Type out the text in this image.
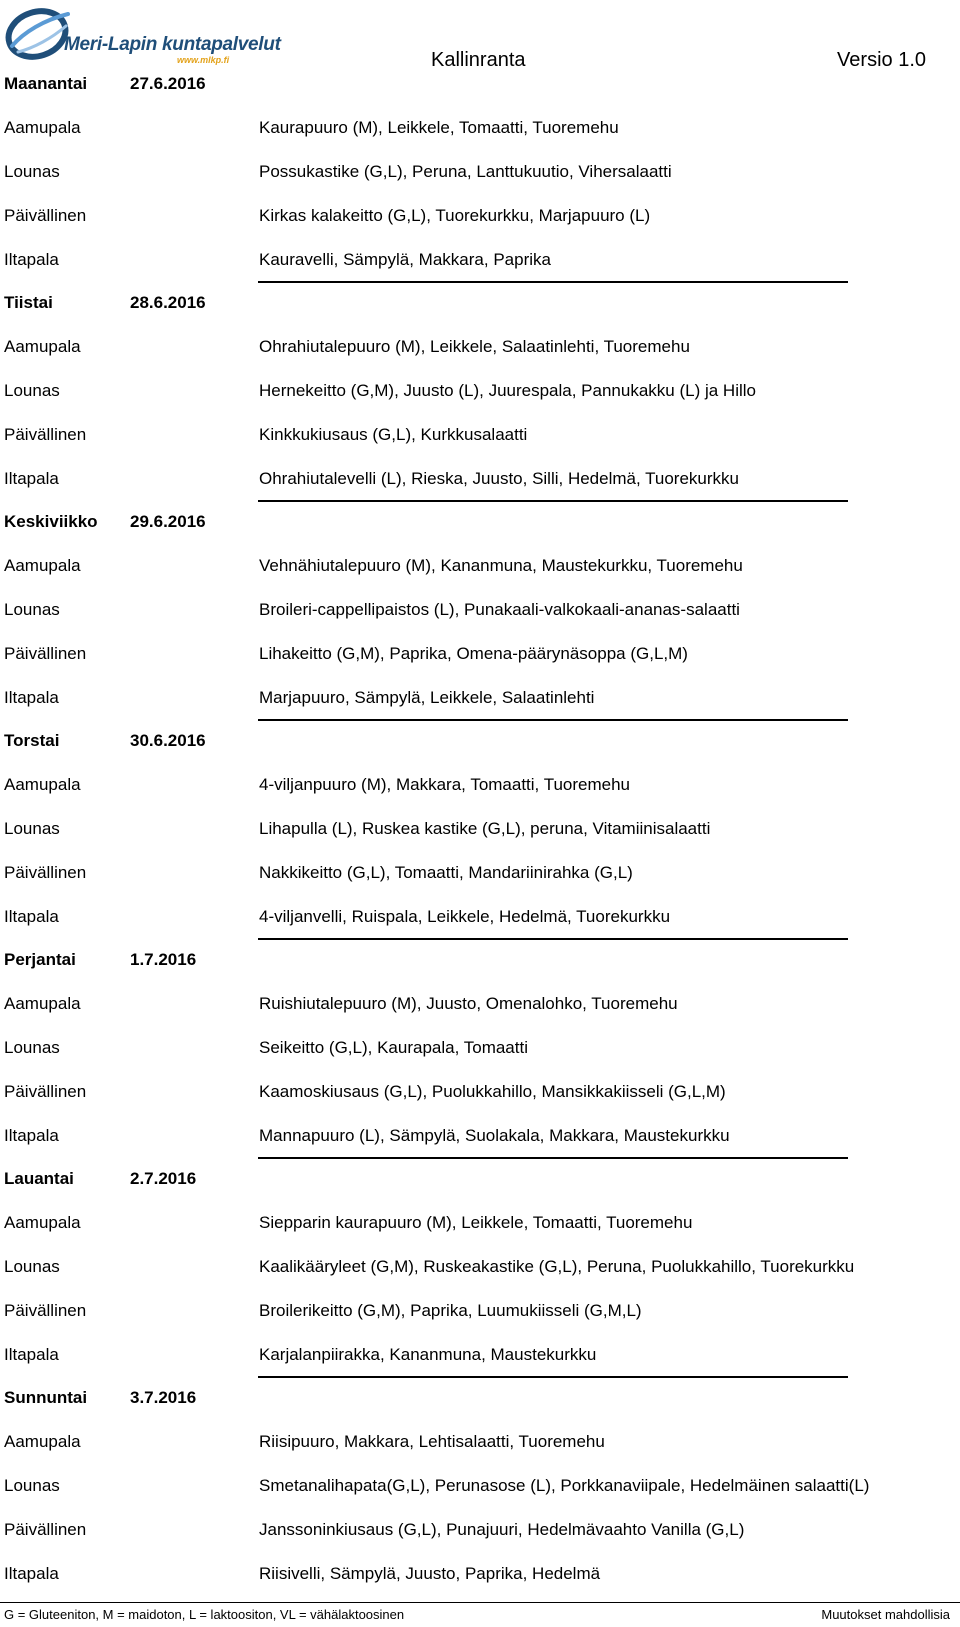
Meri-Lapin kuntapalvelut
www.mlkp.fi	Kallinranta	Versio 1.0
Maanantai	27.6.2016
Aamupala	Kaurapuuro (M), Leikkele, Tomaatti, Tuoremehu
Lounas	Possukastike (G,L), Peruna, Lanttukuutio, Vihersalaatti
Päivällinen	Kirkas kalakeitto (G,L), Tuorekurkku, Marjapuuro (L)
Iltapala	Kauravelli, Sämpylä, Makkara, Paprika
Tiistai	28.6.2016
Aamupala	Ohrahiutalepuuro (M), Leikkele, Salaatinlehti, Tuoremehu
Lounas	Hernekeitto (G,M), Juusto (L), Juurespala, Pannukakku (L) ja Hillo
Päivällinen	Kinkkukiusaus (G,L), Kurkkusalaatti
Iltapala	Ohrahiutalevelli (L), Rieska, Juusto, Silli, Hedelmä, Tuorekurkku
Keskiviikko 29.6.2016
Aamupala	Vehnähiutalepuuro (M), Kananmuna, Maustekurkku, Tuoremehu
Lounas	Broileri-cappellipaistos (L), Punakaali-valkokaali-ananas-salaatti
Päivällinen	Lihakeitto (G,M), Paprika, Omena-päärynäsoppa (G,L,M)
Iltapala	Marjapuuro, Sämpylä, Leikkele, Salaatinlehti
Torstai	30.6.2016
Aamupala	4-viljanpuuro (M), Makkara, Tomaatti, Tuoremehu
Lounas	Lihapulla (L), Ruskea kastike (G,L), peruna, Vitamiinisalaatti
Päivällinen	Nakkikeitto (G,L), Tomaatti, Mandariinirahka (G,L)
Iltapala	4-viljanvelli, Ruispala, Leikkele, Hedelmä, Tuorekurkku
Perjantai	1.7.2016
Aamupala	Ruishiutalepuuro (M), Juusto, Omenalohko, Tuoremehu
Lounas	Seikeitto (G,L), Kaurapala, Tomaatti
Päivällinen	Kaamoskiusaus (G,L), Puolukkahillo, Mansikkakiisseli (G,L,M)
Iltapala	Mannapuuro (L), Sämpylä, Suolakala, Makkara, Maustekurkku
Lauantai	2.7.2016
Aamupala	Siepparin kaurapuuro (M), Leikkele, Tomaatti, Tuoremehu
Lounas	Kaalikääryleet (G,M), Ruskeakastike (G,L), Peruna, Puolukkahillo, Tuorekurkku
Päivällinen	Broilerikeitto (G,M), Paprika, Luumukiisseli (G,M,L)
Iltapala	Karjalanpiirakka, Kananmuna, Maustekurkku
Sunnuntai	3.7.2016
Aamupala	Riisipuuro, Makkara, Lehtisalaatti, Tuoremehu
Lounas	Smetanalihapata(G,L), Perunasose (L), Porkkanaviipale, Hedelmäinen salaatti(L)
Päivällinen	Janssoninkiusaus (G,L), Punajuuri, Hedelmävaahto Vanilla (G,L)
Iltapala	Riisivelli, Sämpylä, Juusto, Paprika, Hedelmä
G = Gluteeniton, M = maidoton, L = laktoositon, VL = vähälaktoosinen	Muutokset mahdollisia
